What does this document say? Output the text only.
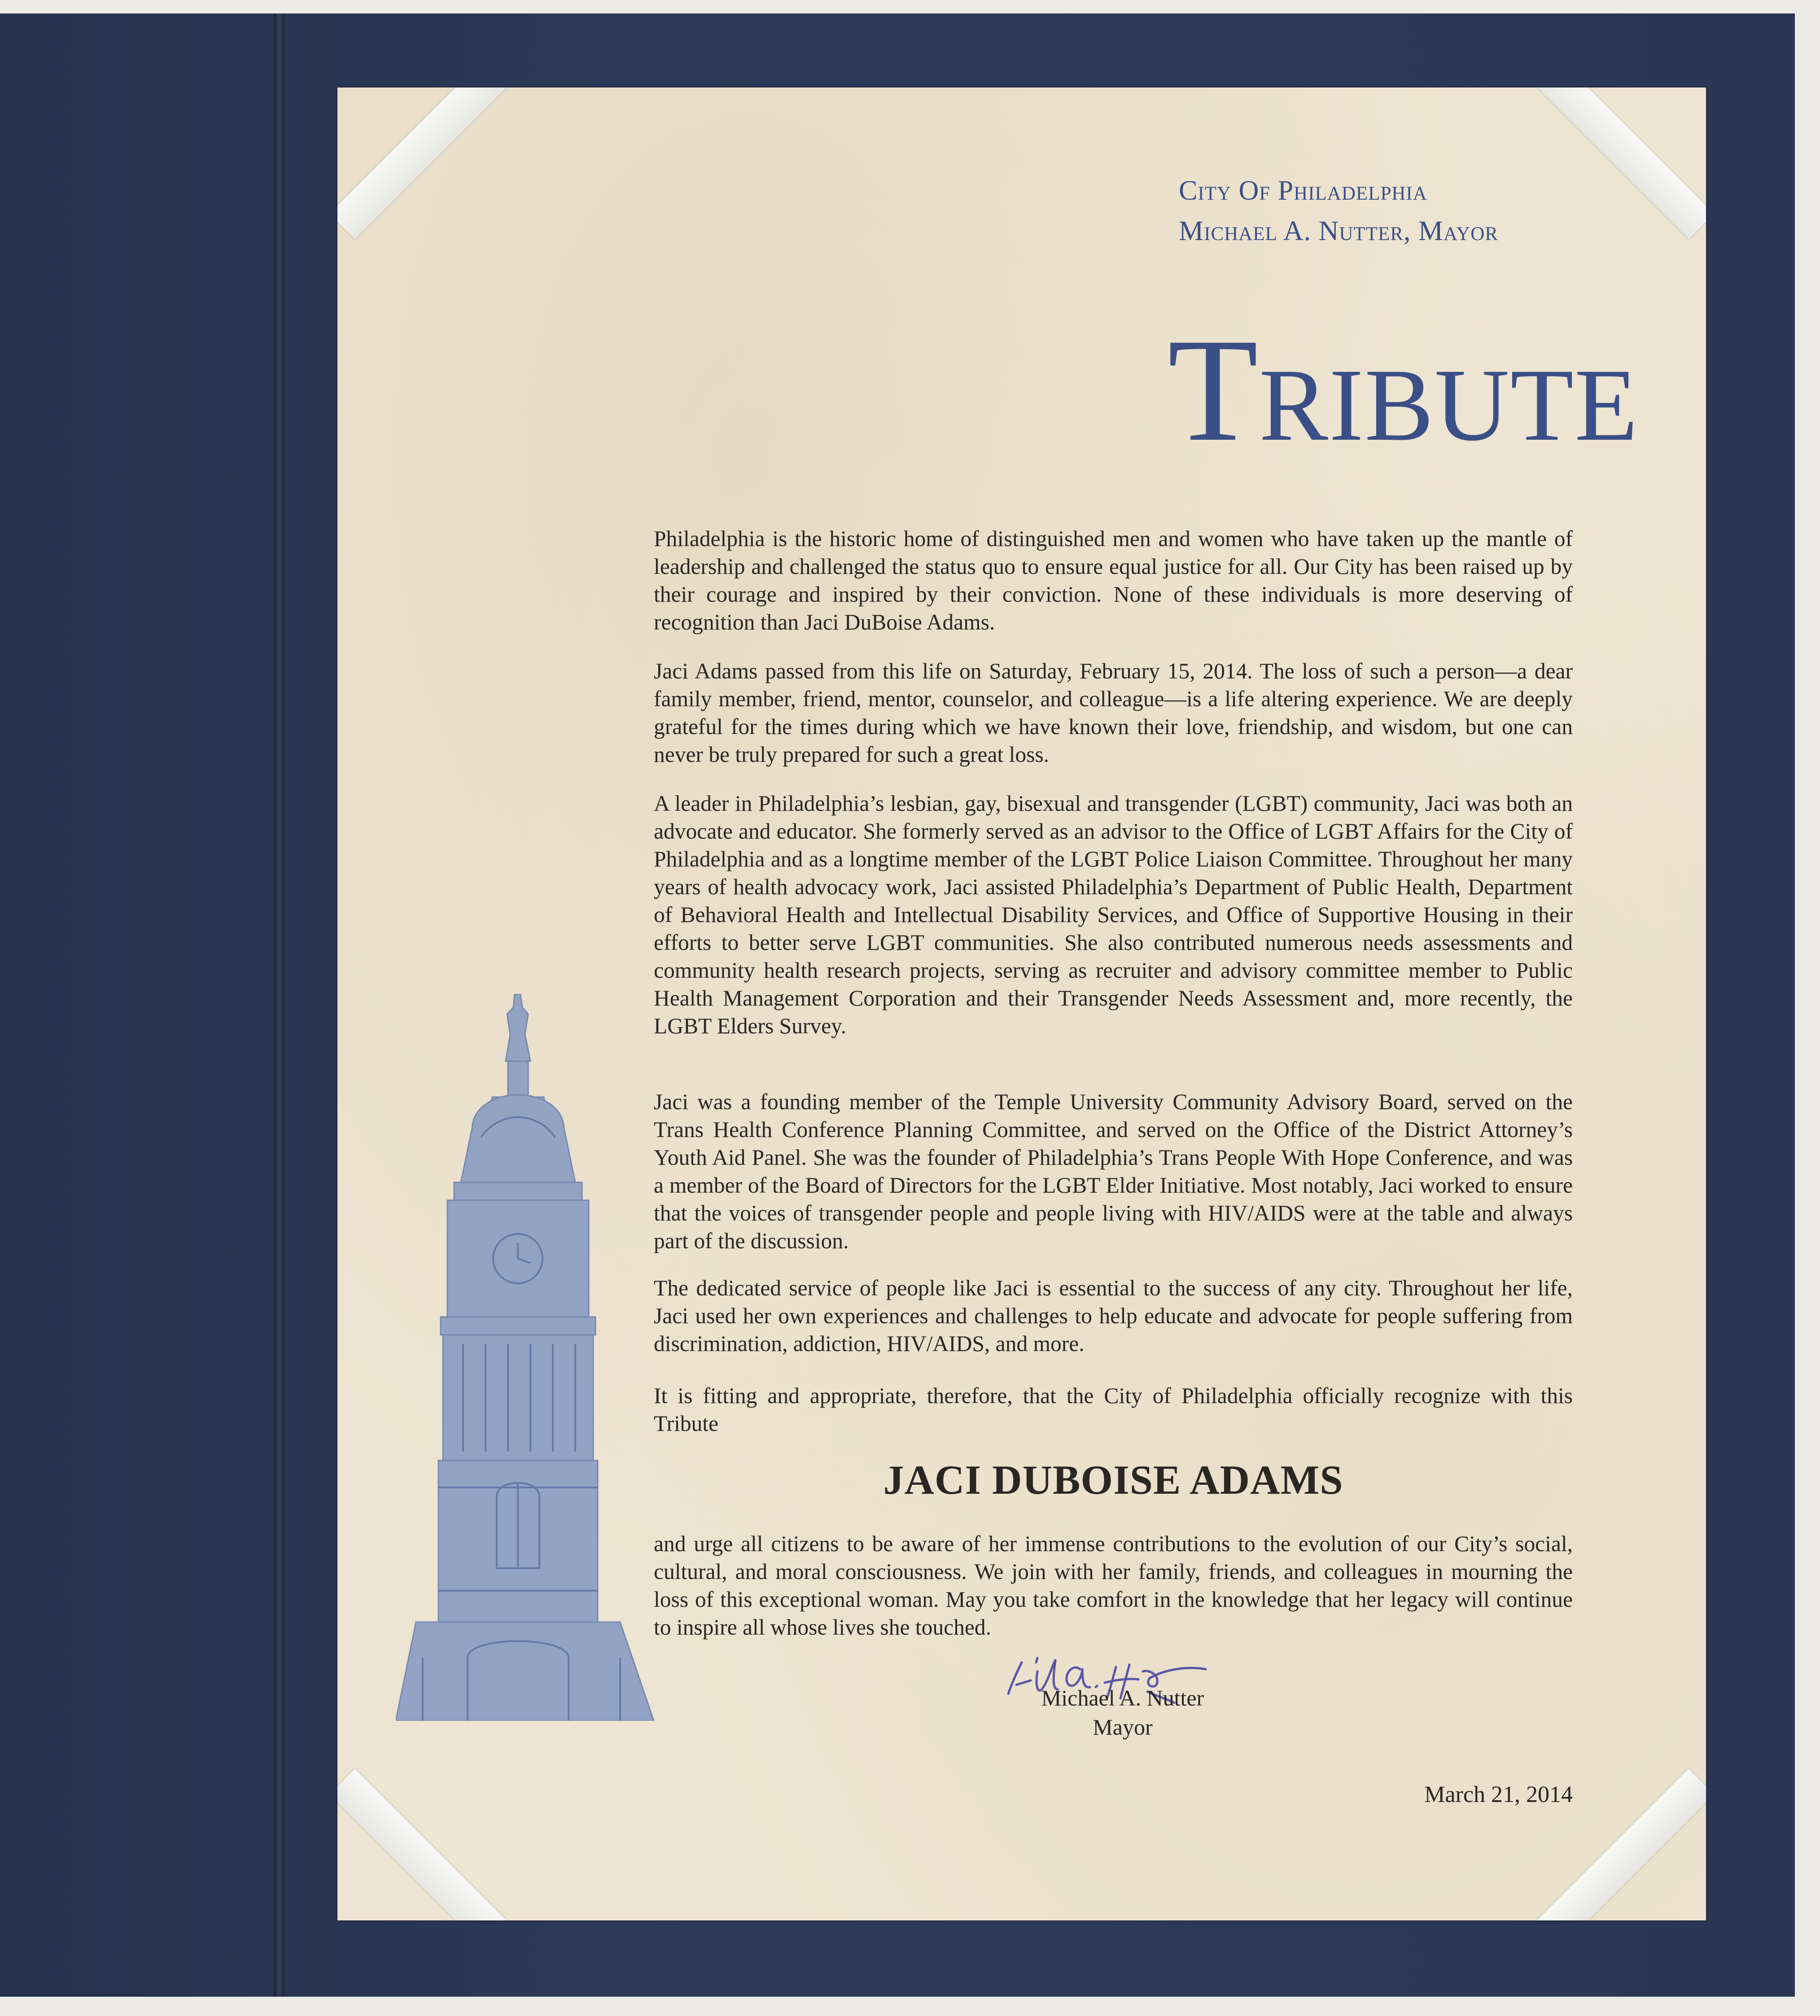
City Of Philadelphia
Michael A. Nutter, Mayor
Tribute
Philadelphia is the historic home of distinguished men and women who have taken up the mantle of leadership and challenged the status quo to ensure equal justice for all. Our City has been raised up by their courage and inspired by their conviction. None of these individuals is more deserving of recognition than Jaci DuBoise Adams.
Jaci Adams passed from this life on Saturday, February 15, 2014. The loss of such a person—a dear family member, friend, mentor, counselor, and colleague—is a life altering experience. We are deeply grateful for the times during which we have known their love, friendship, and wisdom, but one can never be truly prepared for such a great loss.
A leader in Philadelphia’s lesbian, gay, bisexual and transgender (LGBT) community, Jaci was both an advocate and educator. She formerly served as an advisor to the Office of LGBT Affairs for the City of Philadelphia and as a longtime member of the LGBT Police Liaison Committee. Throughout her many years of health advocacy work, Jaci assisted Philadelphia’s Department of Public Health, Department of Behavioral Health and Intellectual Disability Services, and Office of Supportive Housing in their efforts to better serve LGBT communities. She also contributed numerous needs assessments and community health research projects, serving as recruiter and advisory committee member to Public Health Management Corporation and their Transgender Needs Assessment and, more recently, the LGBT Elders Survey.
Jaci was a founding member of the Temple University Community Advisory Board, served on the Trans Health Conference Planning Committee, and served on the Office of the District Attorney’s Youth Aid Panel. She was the founder of Philadelphia’s Trans People With Hope Conference, and was a member of the Board of Directors for the LGBT Elder Initiative. Most notably, Jaci worked to ensure that the voices of transgender people and people living with HIV/AIDS were at the table and always part of the discussion.
The dedicated service of people like Jaci is essential to the success of any city. Throughout her life, Jaci used her own experiences and challenges to help educate and advocate for people suffering from discrimination, addiction, HIV/AIDS, and more.
It is fitting and appropriate, therefore, that the City of Philadelphia officially recognize with this Tribute
JACI DUBOISE ADAMS
and urge all citizens to be aware of her immense contributions to the evolution of our City’s social, cultural, and moral consciousness. We join with her family, friends, and colleagues in mourning the loss of this exceptional woman. May you take comfort in the knowledge that her legacy will continue to inspire all whose lives she touched.
Michael A. Nutter
Mayor
March 21, 2014
